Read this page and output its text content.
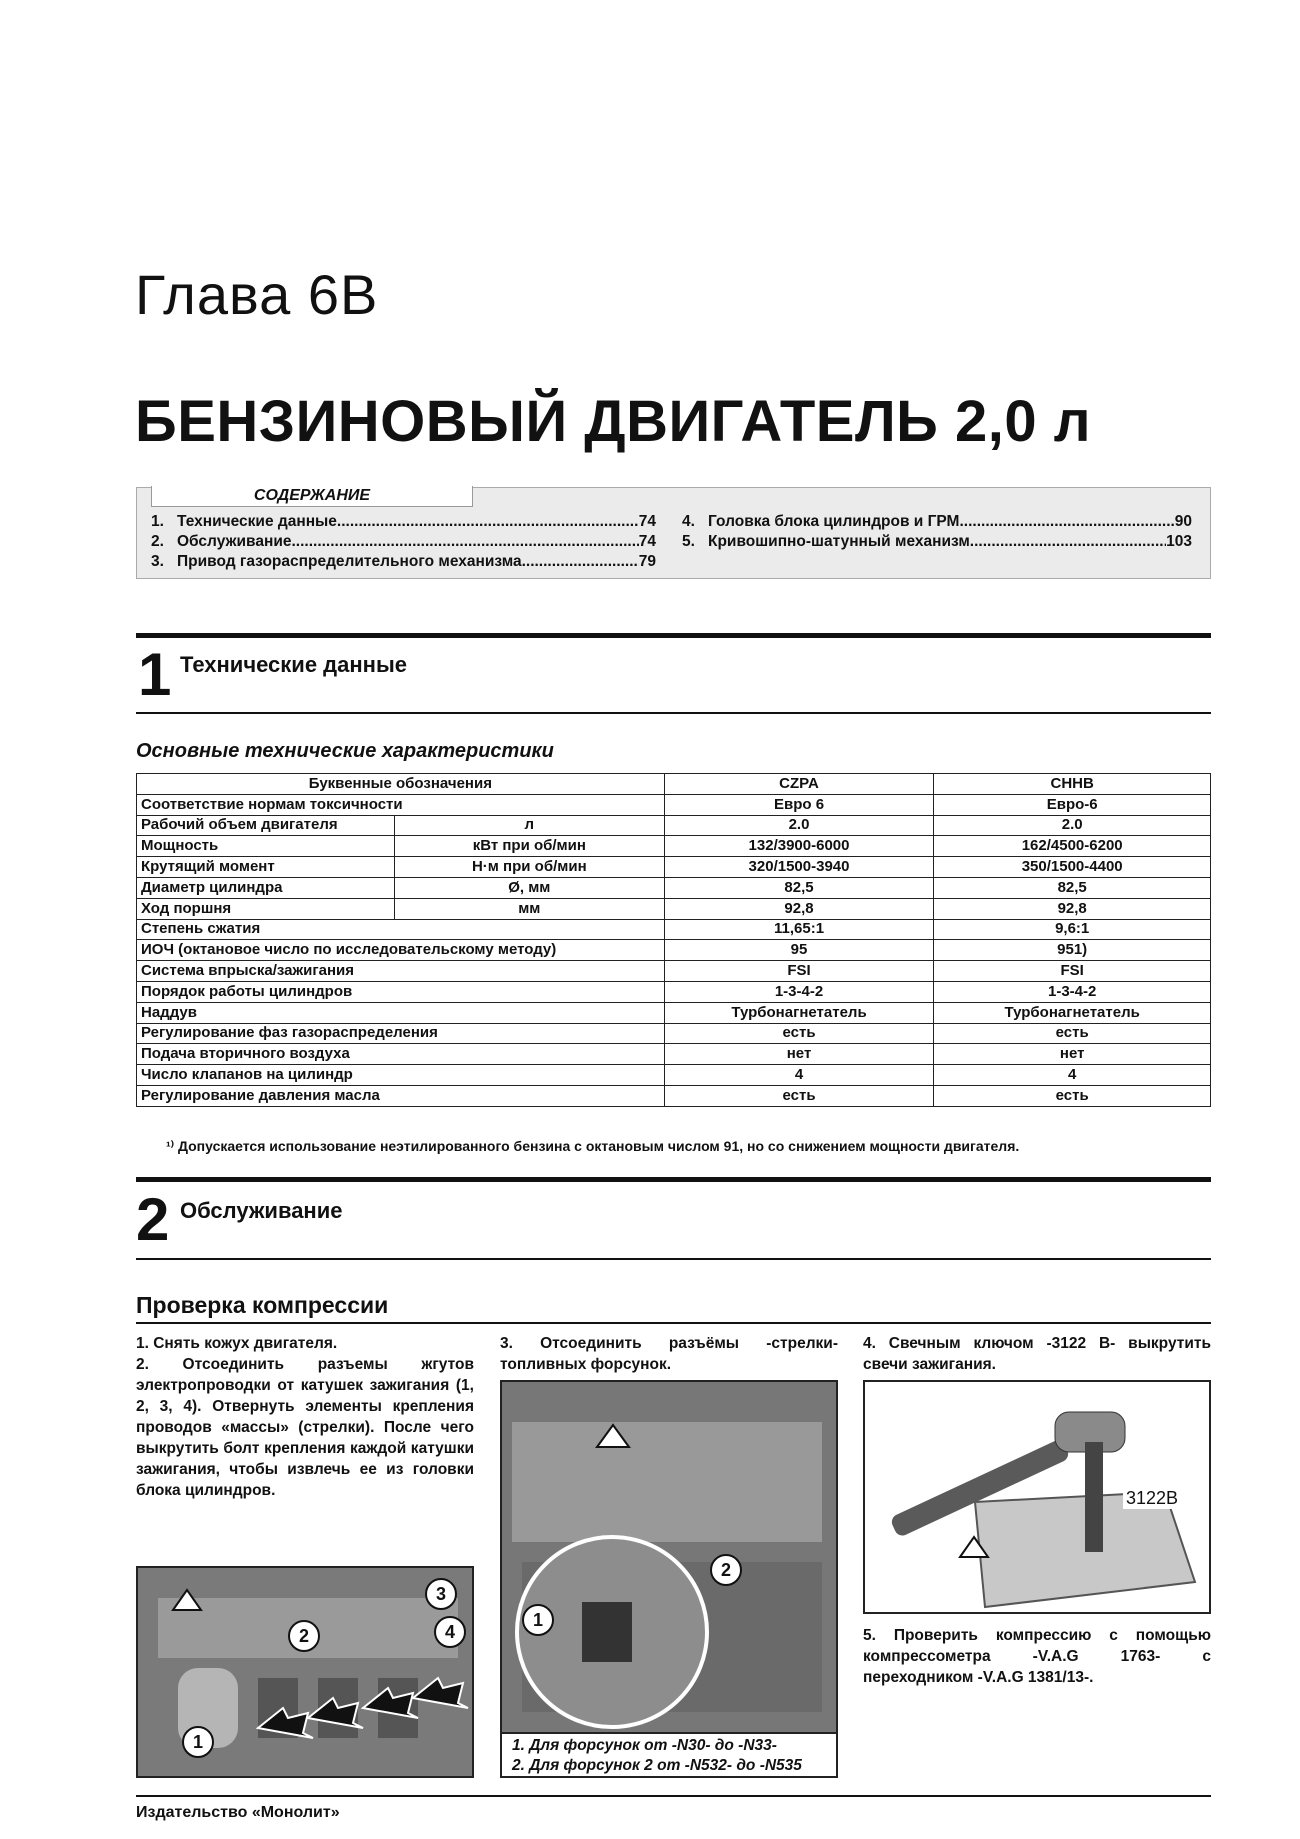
Глава 6В
БЕНЗИНОВЫЙ ДВИГАТЕЛЬ 2,0 л
СОДЕРЖАНИЕ
1. Технические данные .....	74
2. Обслуживание .....	74
3. Привод газораспределительного механизма .....	79
4. Головка блока цилиндров и ГРМ .....	90
5. Кривошипно-шатунный механизм .....	103
1 Технические данные
Основные технические характеристики
Буквенные обозначения		CZPA	CHHB
Соответствие нормам токсичности		Евро 6	Евро-6
Рабочий объем двигателя	л	2.0	2.0
Мощность	кВт при об/мин	132/3900-6000	162/4500-6200
Крутящий момент	Н·м при об/мин	320/1500-3940	350/1500-4400
Диаметр цилиндра	Ø, мм	82,5	82,5
Ход поршня	мм	92,8	92,8
Степень сжатия		11,65:1	9,6:1
ИОЧ (октановое число по исследовательскому методу)		95	951)
Система впрыска/зажигания		FSI	FSI
Порядок работы цилиндров		1-3-4-2	1-3-4-2
Наддув		Турбонагнетатель	Турбонагнетатель
Регулирование фаз газораспределения		есть	есть
Подача вторичного воздуха		нет	нет
Число клапанов на цилиндр		4	4
Регулирование давления масла		есть	есть
¹⁾ Допускается использование неэтилированного бензина с октановым числом 91, но со снижением мощности двигателя.
2 Обслуживание
Проверка компрессии
1. Снять кожух двигателя.
2. Отсоединить разъемы жгутов электропроводки от катушек зажигания (1, 2, 3, 4). Отвернуть элементы крепления проводов «массы» (стрелки). После чего выкрутить болт крепления каждой катушки зажигания, чтобы извлечь ее из головки блока цилиндров.
3. Отсоединить разъёмы -стрелки- топливных форсунок.
4. Свечным ключом -3122 В- выкрутить свечи зажигания.
1
2
3
4
1
2
1. Для форсунок от -N30- до -N33-
2. Для форсунок 2 от -N532- до -N535
3122B
5. Проверить компрессию с помощью компрессометра -V.A.G 1763- с переходником -V.A.G 1381/13-.
Издательство «Монолит»
